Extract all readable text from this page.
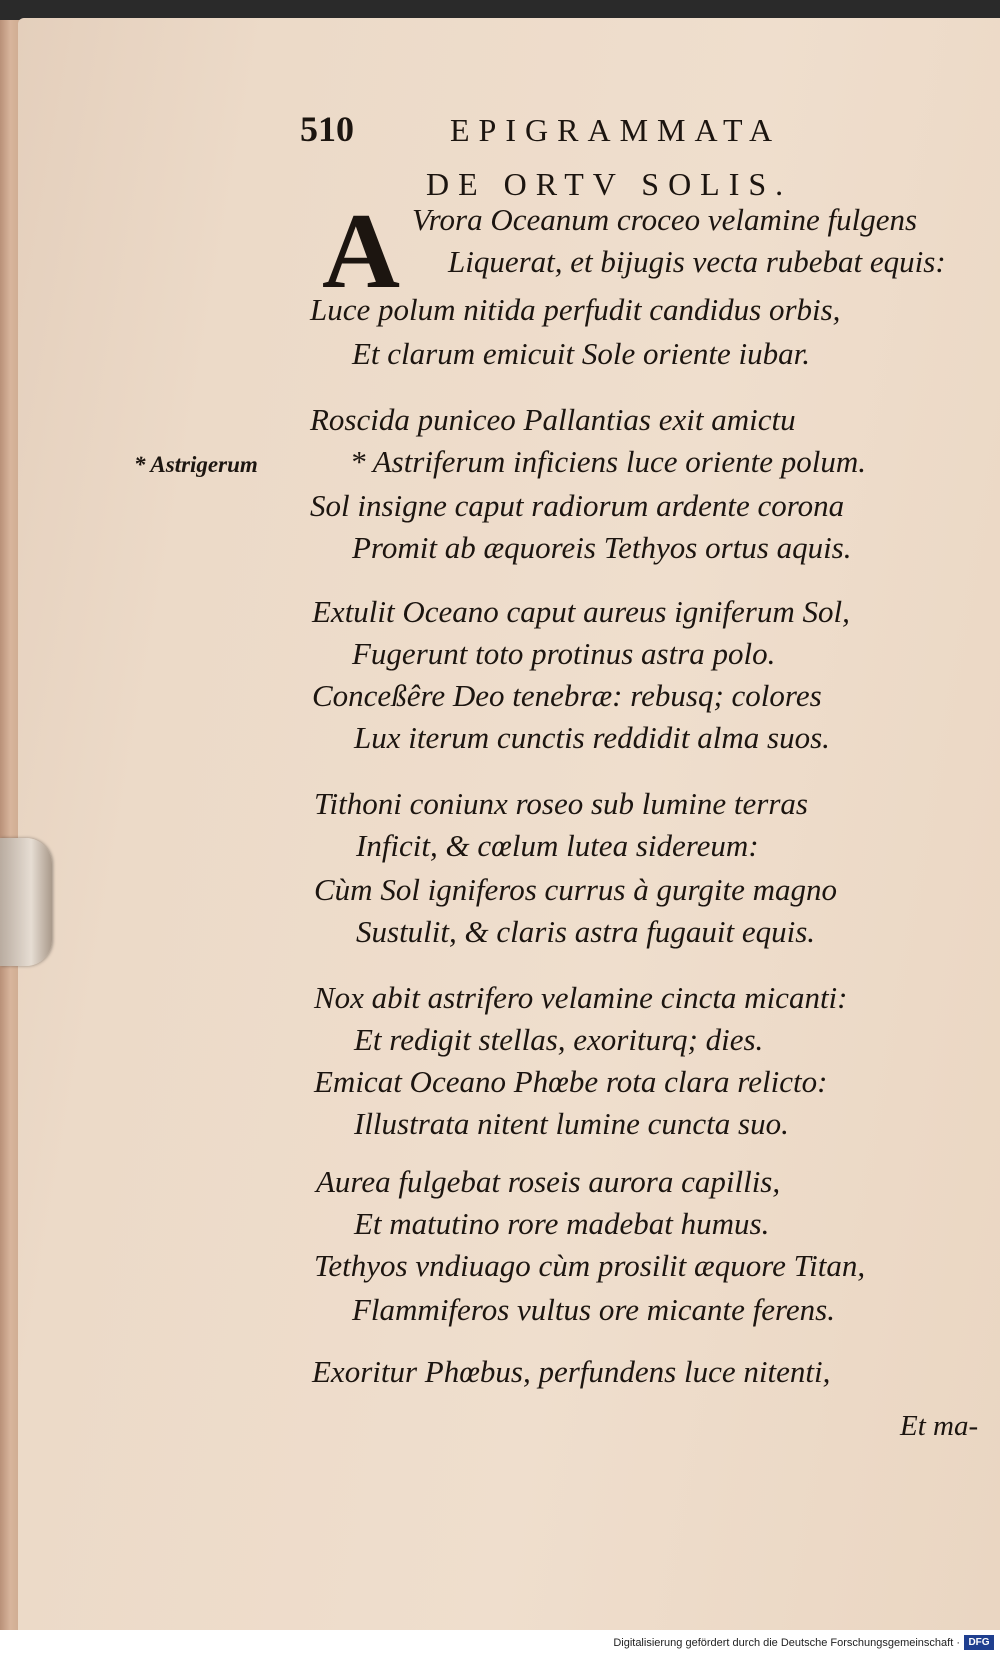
510	EPIGRAMMATA
DE ORTV SOLIS.
A
* Astrigerum
Vrora Oceanum croceo velamine fulgens
Liquerat, et bijugis vecta rubebat equis:
Luce polum nitida perfudit candidus orbis,
Et clarum emicuit Sole oriente iubar.
Roscida puniceo Pallantias exit amictu
* Astriferum inficiens luce oriente polum.
Sol insigne caput radiorum ardente corona
Promit ab æquoreis Tethyos ortus aquis.
Extulit Oceano caput aureus igniferum Sol,
Fugerunt toto protinus astra polo.
Conceßêre Deo tenebræ: rebusq; colores
Lux iterum cunctis reddidit alma suos.
Tithoni coniunx roseo sub lumine terras
Inficit, & cœlum lutea sidereum:
Cùm Sol igniferos currus à gurgite magno
Sustulit, & claris astra fugauit equis.
Nox abit astrifero velamine cincta micanti:
Et redigit stellas, exoriturq; dies.
Emicat Oceano Phœbe rota clara relicto:
Illustrata nitent lumine cuncta suo.
Aurea fulgebat roseis aurora capillis,
Et matutino rore madebat humus.
Tethyos vndiuago cùm prosilit æquore Titan,
Flammiferos vultus ore micante ferens.
Exoritur Phœbus, perfundens luce nitenti,
Et ma-
Digitalisierung gefördert durch die Deutsche Forschungsgemeinschaft · DFG
